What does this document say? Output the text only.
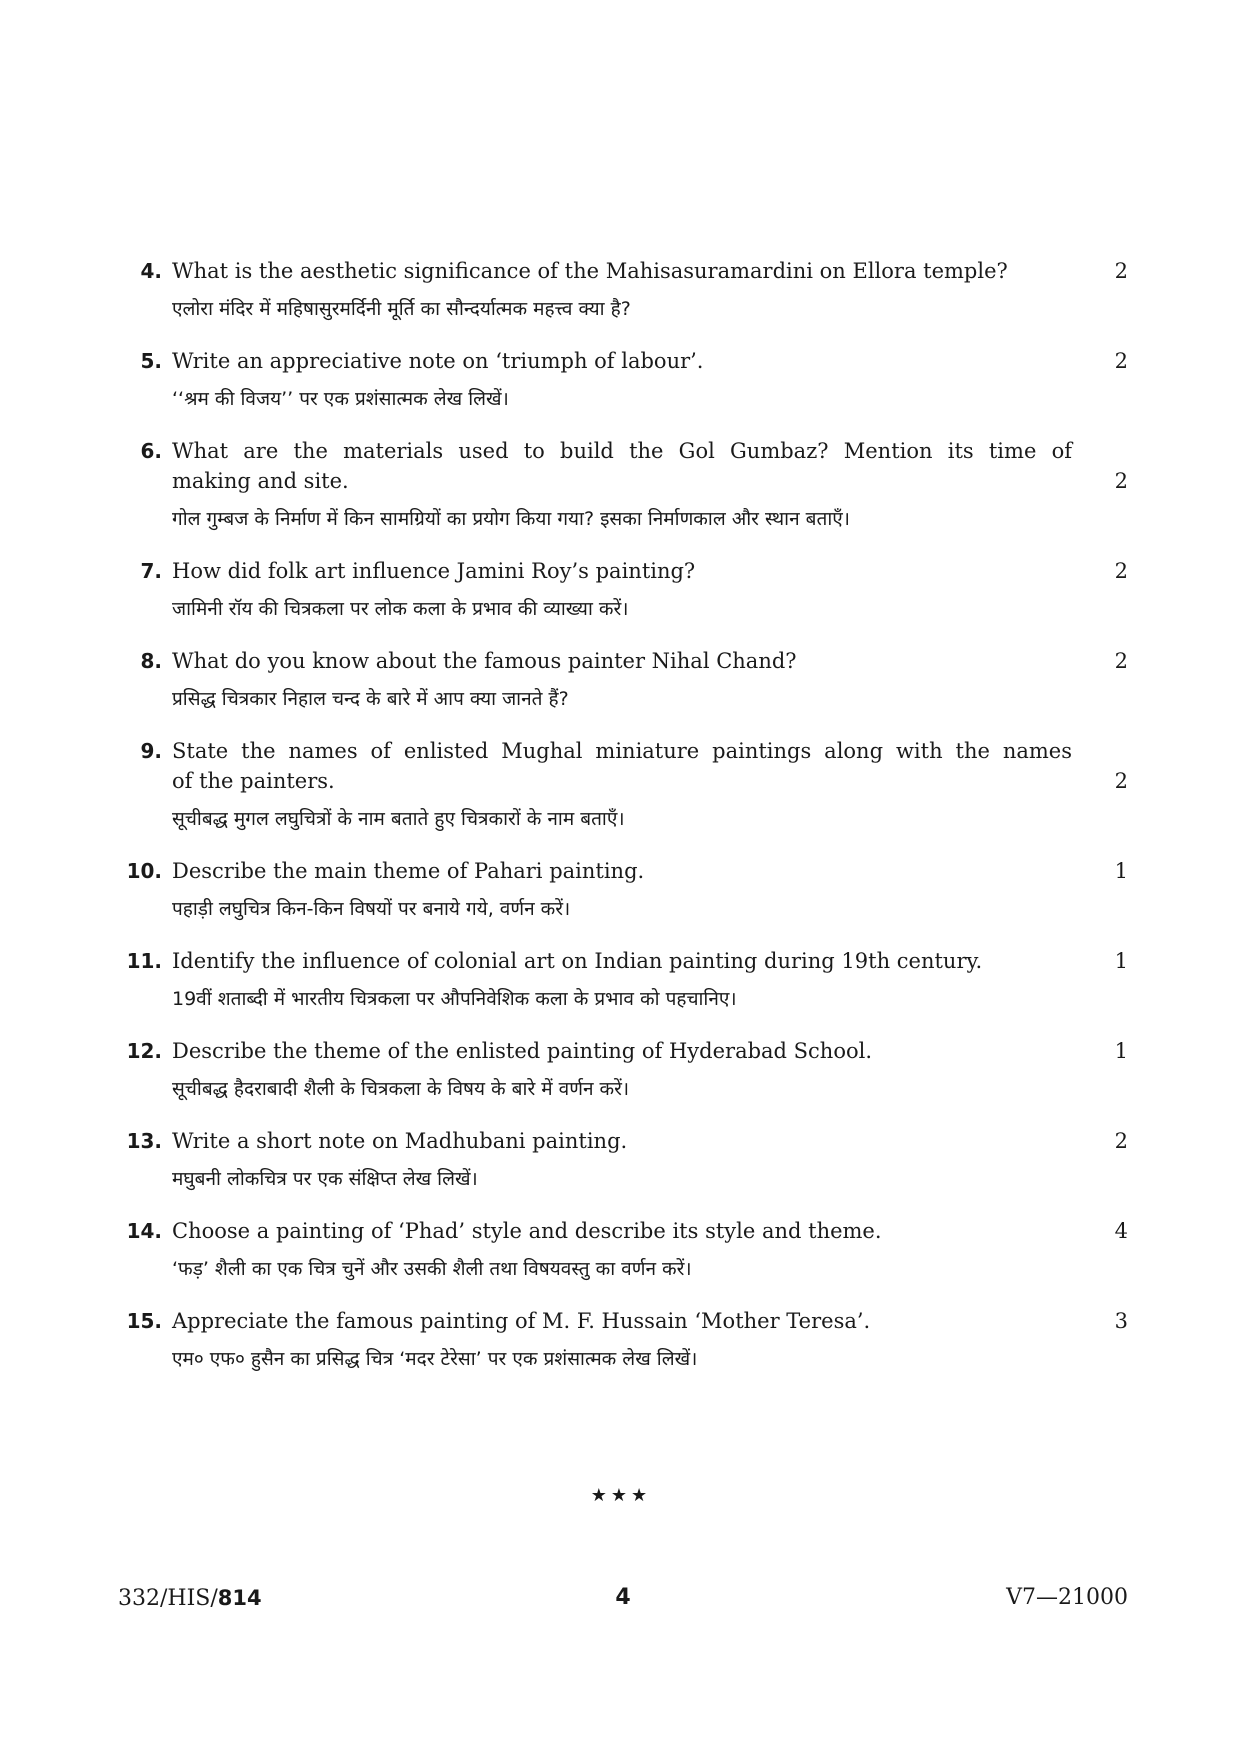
4. What is the aesthetic significance of the Mahisasuramardini on Ellora temple?	2
एलोरा मंदिर में महिषासुरमर्दिनी मूर्ति का सौन्दर्यात्मक महत्त्व क्या है?
5. Write an appreciative note on ‘triumph of labour’.	2
‘‘श्रम की विजय’’ पर एक प्रशंसात्मक लेख लिखें।
6. What are the materials used to build the Gol Gumbaz? Mention its time of
making and site.	2
गोल गुम्बज के निर्माण में किन सामग्रियों का प्रयोग किया गया? इसका निर्माणकाल और स्थान बताएँ।
7. How did folk art influence Jamini Roy’s painting?	2
जामिनी रॉय की चित्रकला पर लोक कला के प्रभाव की व्याख्या करें।
8. What do you know about the famous painter Nihal Chand?	2
प्रसिद्ध चित्रकार निहाल चन्द के बारे में आप क्या जानते हैं?
9. State the names of enlisted Mughal miniature paintings along with the names
of the painters.	2
सूचीबद्ध मुगल लघुचित्रों के नाम बताते हुए चित्रकारों के नाम बताएँ।
10. Describe the main theme of Pahari painting.	1
पहाड़ी लघुचित्र किन-किन विषयों पर बनाये गये, वर्णन करें।
11. Identify the influence of colonial art on Indian painting during 19th century.	1
19वीं शताब्दी में भारतीय चित्रकला पर औपनिवेशिक कला के प्रभाव को पहचानिए।
12. Describe the theme of the enlisted painting of Hyderabad School.	1
सूचीबद्ध हैदराबादी शैली के चित्रकला के विषय के बारे में वर्णन करें।
13. Write a short note on Madhubani painting.	2
मघुबनी लोकचित्र पर एक संक्षिप्त लेख लिखें।
14. Choose a painting of ‘Phad’ style and describe its style and theme.	4
‘फड़’ शैली का एक चित्र चुनें और उसकी शैली तथा विषयवस्तु का वर्णन करें।
15. Appreciate the famous painting of M. F. Hussain ‘Mother Teresa’.	3
एम० एफ० हुसैन का प्रसिद्ध चित्र ‘मदर टेरेसा’ पर एक प्रशंसात्मक लेख लिखें।
★★★
332/HIS/814	4	V7—21000
